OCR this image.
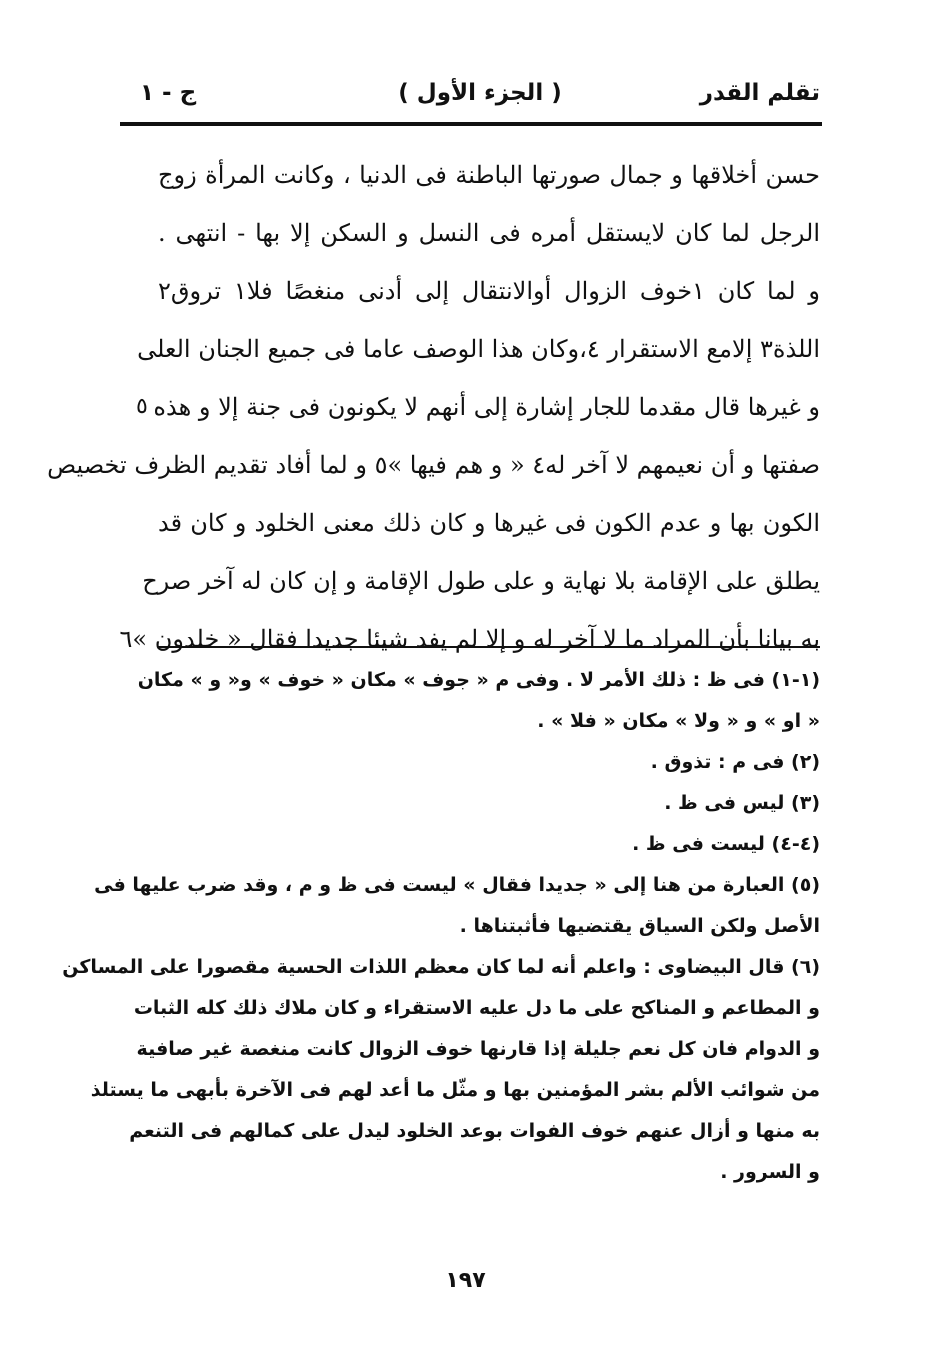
تقلم القدر
( الجزء الأول )
ج - ١
حسن أخلاقها و جمال صورتها الباطنة فى الدنيا ، وكانت المرأة زوج
الرجل لما كان لايستقل أمره فى النسل و السكن إلا بها - انتهى .
و لما كان ١خوف الزوال أوالانتقال إلى أدنى منغصًا فلا١ تروق٢
اللذة٣ إلامع الاستقرار ٤،وكان هذا الوصف عاما فى جميع الجنان العلى
و غيرها قال مقدما للجار إشارة إلى أنهم لا يكونون فى جنة إلا و هذه
٥
صفتها و أن نعيمهم لا آخر له٤ « و هم فيها »٥ و لما أفاد تقديم الظرف تخصيص
الكون بها و عدم الكون فى غيرها و كان ذلك معنى الخلود و كان قد
يطلق على الإقامة بلا نهاية و على طول الإقامة و إن كان له آخر صرح
به بيانا بأن المراد ما لا آخر له و إلا لم يفد شيئا جديدا فقال « خلدون »٦
(١-١) فى ظ : ذلك الأمر لا . وفى م « جوف » مكان « خوف » و« و » مكان
« او » و « ولا » مكان « فلا » .
(٢) فى م : تذوق .
(٣) ليس فى ظ .
(٤-٤) ليست فى ظ .
(٥) العبارة من هنا إلى « جديدا فقال » ليست فى ظ و م ، وقد ضرب عليها فى
الأصل ولكن السياق يقتضيها فأثبتناها .
(٦) قال البيضاوى : واعلم أنه لما كان معظم اللذات الحسية مقصورا على المساكن
و المطاعم و المناكح على ما دل عليه الاستقراء و كان ملاك ذلك كله الثبات
و الدوام فان كل نعم جليلة إذا قارنها خوف الزوال كانت منغصة غير صافية
من شوائب الألم بشر المؤمنين بها و مثّل ما أعد لهم فى الآخرة بأبهى ما يستلذ
به منها و أزال عنهم خوف الفوات بوعد الخلود ليدل على كمالهم فى التنعم
و السرور .
١٩٧
